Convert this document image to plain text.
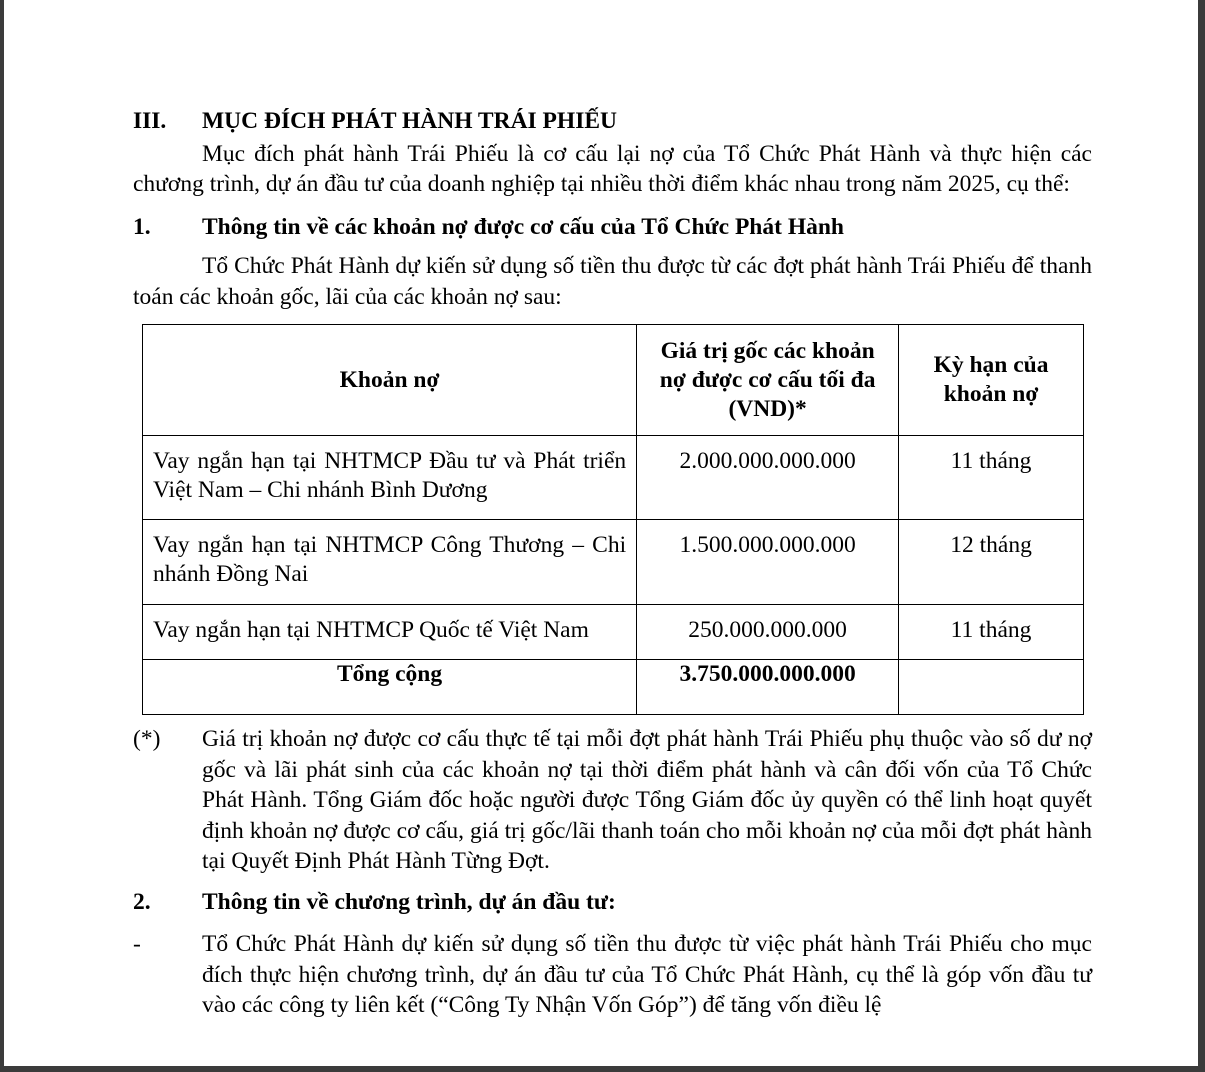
III.	MỤC ĐÍCH PHÁT HÀNH TRÁI PHIẾU

Mục đích phát hành Trái Phiếu là cơ cấu lại nợ của Tổ Chức Phát Hành và thực hiện các chương trình, dự án đầu tư của doanh nghiệp tại nhiều thời điểm khác nhau trong năm 2025, cụ thể:

1.	Thông tin về các khoản nợ được cơ cấu của Tổ Chức Phát Hành

Tổ Chức Phát Hành dự kiến sử dụng số tiền thu được từ các đợt phát hành Trái Phiếu để thanh toán các khoản gốc, lãi của các khoản nợ sau:

Khoản nợ	Giá trị gốc các khoản nợ được cơ cấu tối đa (VND)*	Kỳ hạn của khoản nợ
Vay ngắn hạn tại NHTMCP Đầu tư và Phát triển Việt Nam – Chi nhánh Bình Dương	2.000.000.000.000	11 tháng
Vay ngắn hạn tại NHTMCP Công Thương – Chi nhánh Đồng Nai	1.500.000.000.000	12 tháng
Vay ngắn hạn tại NHTMCP Quốc tế Việt Nam	250.000.000.000	11 tháng
Tổng cộng	3.750.000.000.000	
(*)	Giá trị khoản nợ được cơ cấu thực tế tại mỗi đợt phát hành Trái Phiếu phụ thuộc vào số dư nợ gốc và lãi phát sinh của các khoản nợ tại thời điểm phát hành và cân đối vốn của Tổ Chức Phát Hành. Tổng Giám đốc hoặc người được Tổng Giám đốc ủy quyền có thể linh hoạt quyết định khoản nợ được cơ cấu, giá trị gốc/lãi thanh toán cho mỗi khoản nợ của mỗi đợt phát hành tại Quyết Định Phát Hành Từng Đợt.
2.	Thông tin về chương trình, dự án đầu tư:
-	Tổ Chức Phát Hành dự kiến sử dụng số tiền thu được từ việc phát hành Trái Phiếu cho mục đích thực hiện chương trình, dự án đầu tư của Tổ Chức Phát Hành, cụ thể là góp vốn đầu tư vào các công ty liên kết (“Công Ty Nhận Vốn Góp”) để tăng vốn điều lệ
